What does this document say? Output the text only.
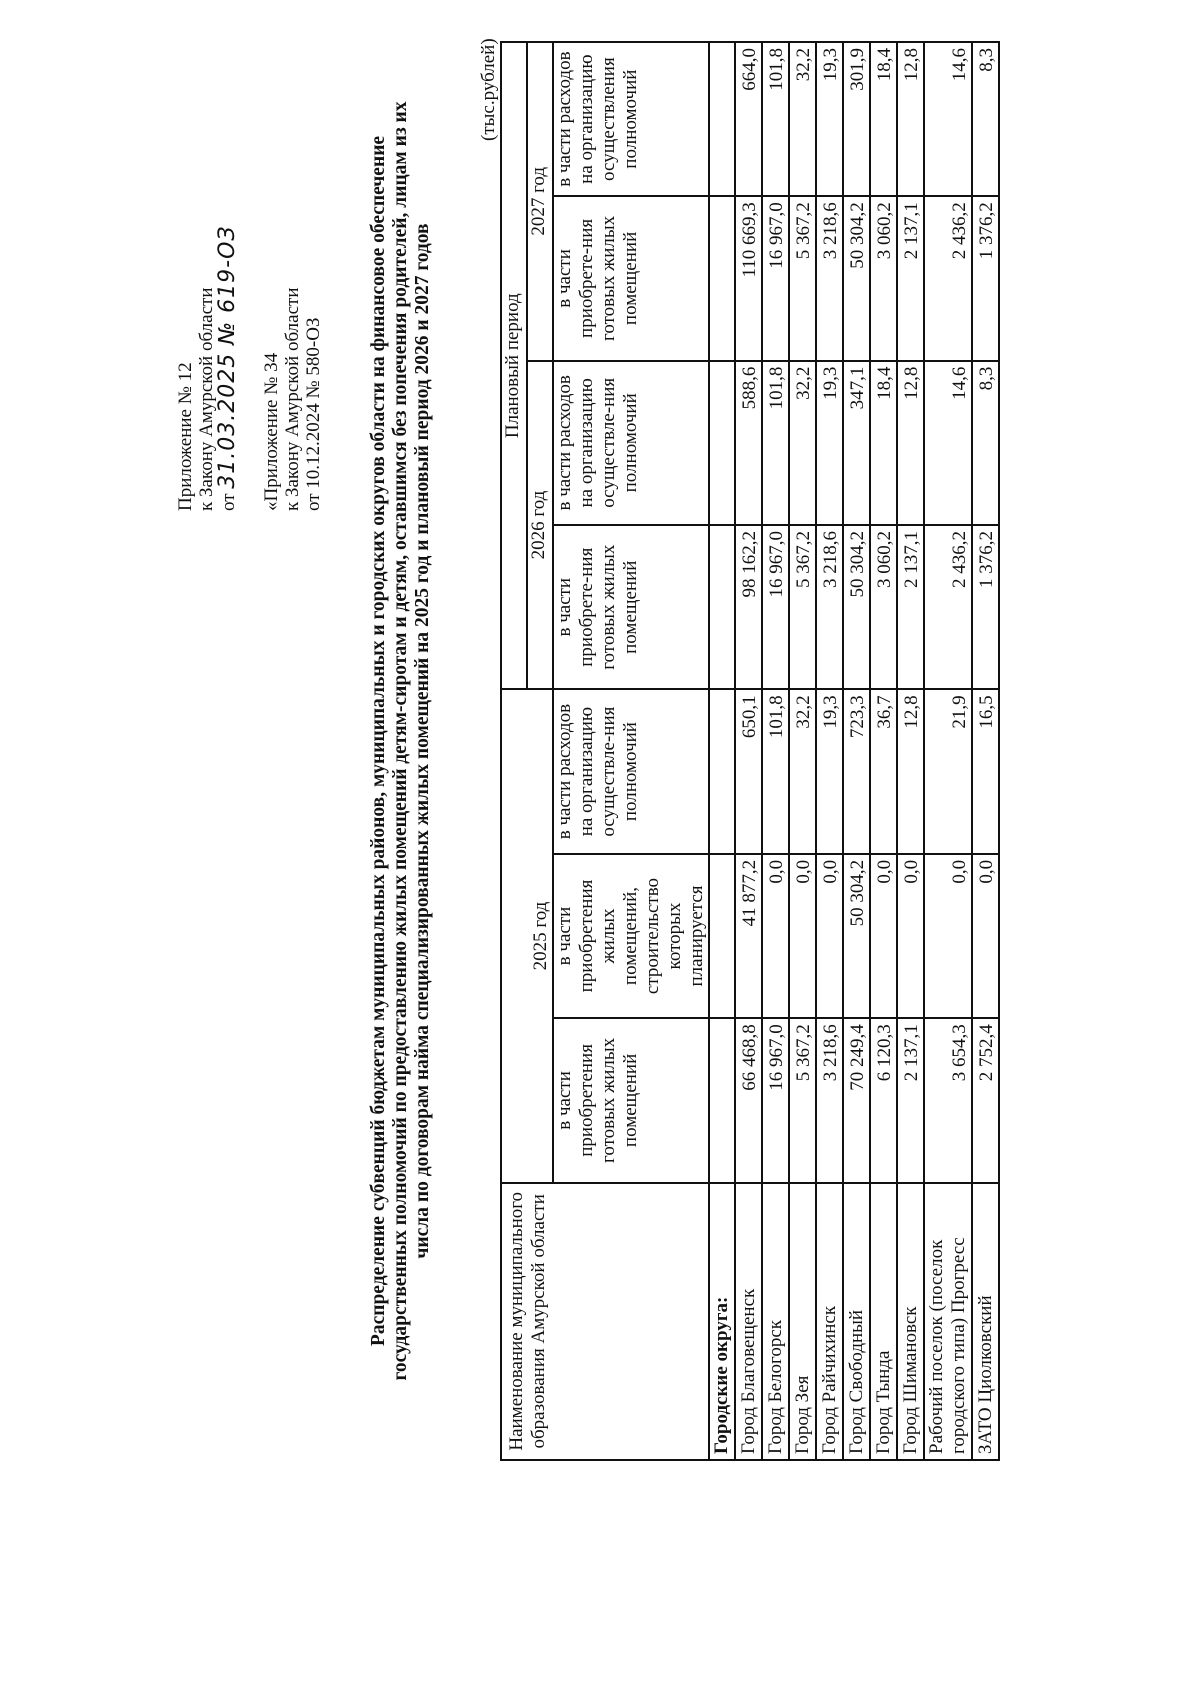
Приложение № 12 к Закону Амурской области от 31.03.2025 № 619-ОЗ «Приложение № 34 к Закону Амурской области от 10.12.2024 № 580-ОЗ Распределение субвенций бюджетам муниципальных районов, муниципальных и городских округов области на финансовое обеспечение государственных полномочий по предоставлению жилых помещений детям-сиротам и детям, оставшимся без попечения родителей, лицам из их числа по договорам найма специализированных жилых помещений на 2025 год и плановый период 2026 и 2027 годов
(тыс.рублей)
Наименование муниципального образования Амурской области	2025 год			Плановый период			
				2026 год		2027 год	
	в части приобретения готовых жилых помещений	в части приобретения жилых помещений, строительство которых планируется	в части расходов на организацию осуществле-ния полномочий	в части приобрете-ния готовых жилых помещений	в части расходов на организацию осуществле-ния полномочий	в части приобрете-ния готовых жилых помещений	в части расходов на организацию осуществления полномочий
Городские округа:							
Город Благовещенск	66 468,8	41 877,2	650,1	98 162,2	588,6	110 669,3	664,0
Город Белогорск	16 967,0	0,0	101,8	16 967,0	101,8	16 967,0	101,8
Город Зея	5 367,2	0,0	32,2	5 367,2	32,2	5 367,2	32,2
Город Райчихинск	3 218,6	0,0	19,3	3 218,6	19,3	3 218,6	19,3
Город Свободный	70 249,4	50 304,2	723,3	50 304,2	347,1	50 304,2	301,9
Город Тында	6 120,3	0,0	36,7	3 060,2	18,4	3 060,2	18,4
Город Шимановск	2 137,1	0,0	12,8	2 137,1	12,8	2 137,1	12,8
Рабочий поселок (поселок городского типа) Прогресс	3 654,3	0,0	21,9	2 436,2	14,6	2 436,2	14,6
ЗАТО Циолковский	2 752,4	0,0	16,5	1 376,2	8,3	1 376,2	8,3
